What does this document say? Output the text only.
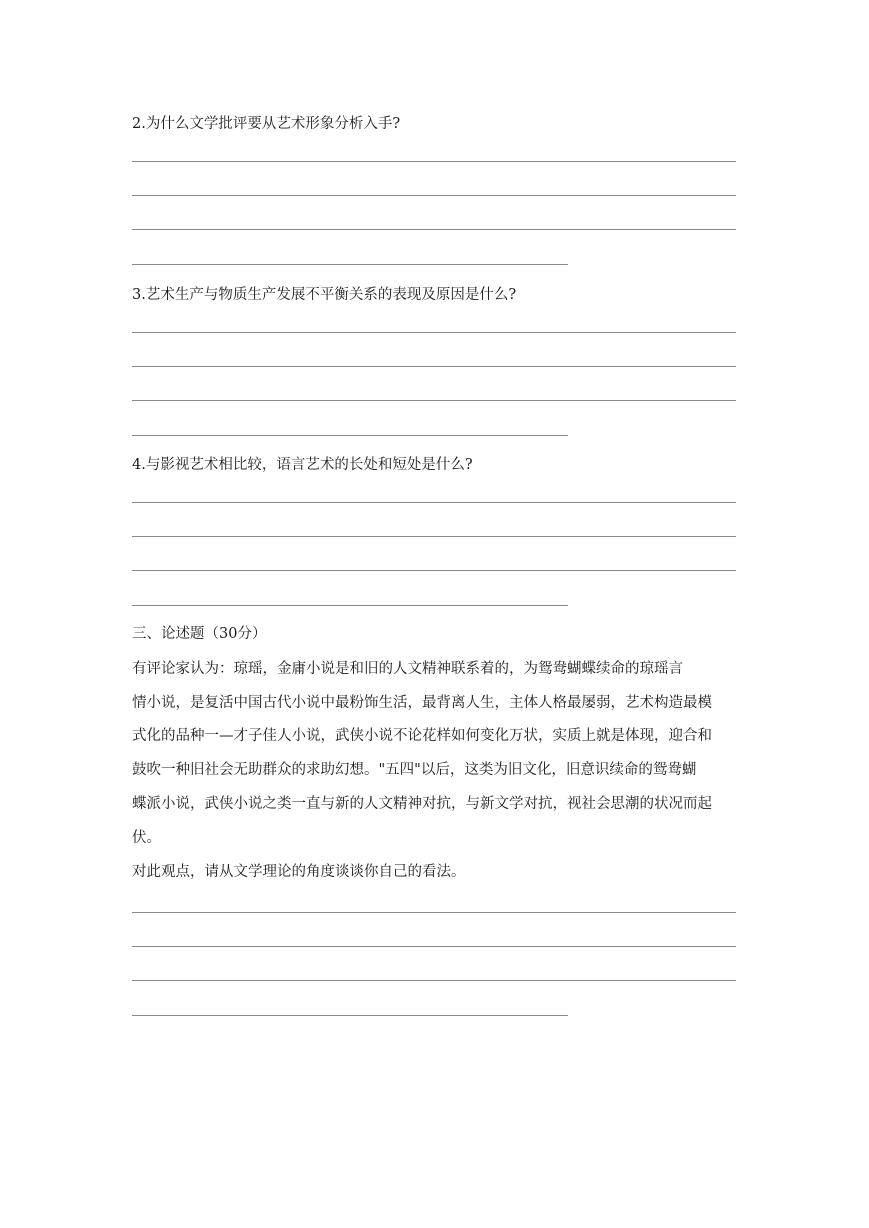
2.为什么文学批评要从艺术形象分析入手?
3.艺术生产与物质生产发展不平衡关系的表现及原因是什么?
4.与影视艺术相比较，语言艺术的长处和短处是什么?
三、论述题（30分）
有评论家认为：琼瑶，金庸小说是和旧的人文精神联系着的，为鸳鸯蝴蝶续命的琼瑶言
情小说，是复活中国古代小说中最粉饰生活，最背离人生，主体人格最屡弱，艺术构造最模
式化的品种一—才子佳人小说，武侠小说不论花样如何变化万状，实质上就是体现，迎合和
鼓吹一种旧社会无助群众的求助幻想。"五四"以后，这类为旧文化，旧意识续命的鸳鸯蝴
蝶派小说，武侠小说之类一直与新的人文精神对抗，与新文学对抗，视社会思潮的状况而起
伏。
对此观点，请从文学理论的角度谈谈你自己的看法。
